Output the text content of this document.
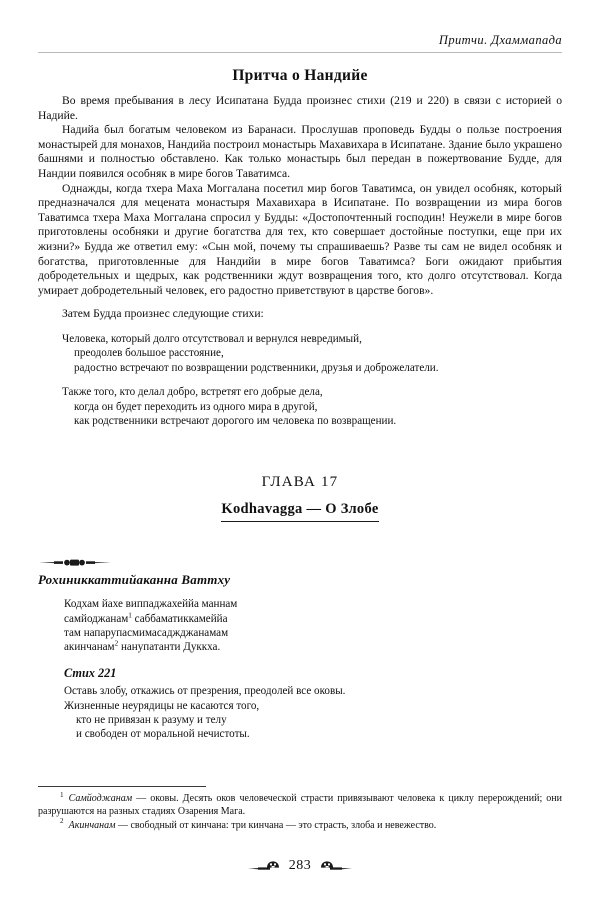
Притчи. Дхаммапада
Притча о Нандийе

Во время пребывания в лесу Исипатана Будда произнес стихи (219 и 220) в связи с историей о Надийе.

Надийа был богатым человеком из Баранаси. Прослушав проповедь Будды о пользе построения монастырей для монахов, Нандийа построил монастырь Махавихара в Исипатане. Здание было украшено башнями и полностью обставлено. Как только монастырь был передан в пожертвование Будде, для Нандии появился особняк в мире богов Таватимса.

Однажды, когда тхера Маха Моггалана посетил мир богов Таватимса, он увидел особняк, который предназначался для мецената монастыря Махавихара в Исипатане. По возвращении из мира богов Таватимса тхера Маха Моггалана спросил у Будды: «Достопочтенный господин! Неужели в мире богов приготовлены особняки и другие богатства для тех, кто совершает достойные поступки, еще при их жизни?» Будда же ответил ему: «Сын мой, почему ты спрашиваешь? Разве ты сам не видел особняк и богатства, приготовленные для Нандийи в мире богов Таватимса? Боги ожидают прибытия добродетельных и щедрых, как родственники ждут возвращения того, кто долго отсутствовал. Когда умирает добродетельный человек, его радостно приветствуют в царстве богов».

Затем Будда произнес следующие стихи:

Человека, который долго отсутствовал и вернулся невредимый,
преодолев большое расстояние,
радостно встречают по возвращении родственники, друзья и доброжелатели.
Также того, кто делал добро, встретят его добрые дела,
когда он будет переходить из одного мира в другой,
как родственники встречают дорогого им человека по возвращении.
ГЛАВА 17
Kodhavagga — О Злобе
Рохиниккаттийаканна Ваттху
Кодхам йахе виппаджахеййа маннам
самйоджанам$^1$ саббаматиккамеййа
там напарупасмимасаджджанамам
акинчанам$^2$ нанупатанти Дуккха.
Стих 221
Оставь злобу, откажись от презрения, преодолей все оковы.
Жизненные неурядицы не касаются того,
кто не привязан к разуму и телу
и свободен от моральной нечистоты.
$^1$ Самйоджанам — оковы. Десять оков человеческой страсти привязывают человека к циклу перерождений; они разрушаются на разных стадиях Озарения Мага.
$^2$ Акинчанам — свободный от кинчана: три кинчана — это страсть, злоба и невежество.
283
